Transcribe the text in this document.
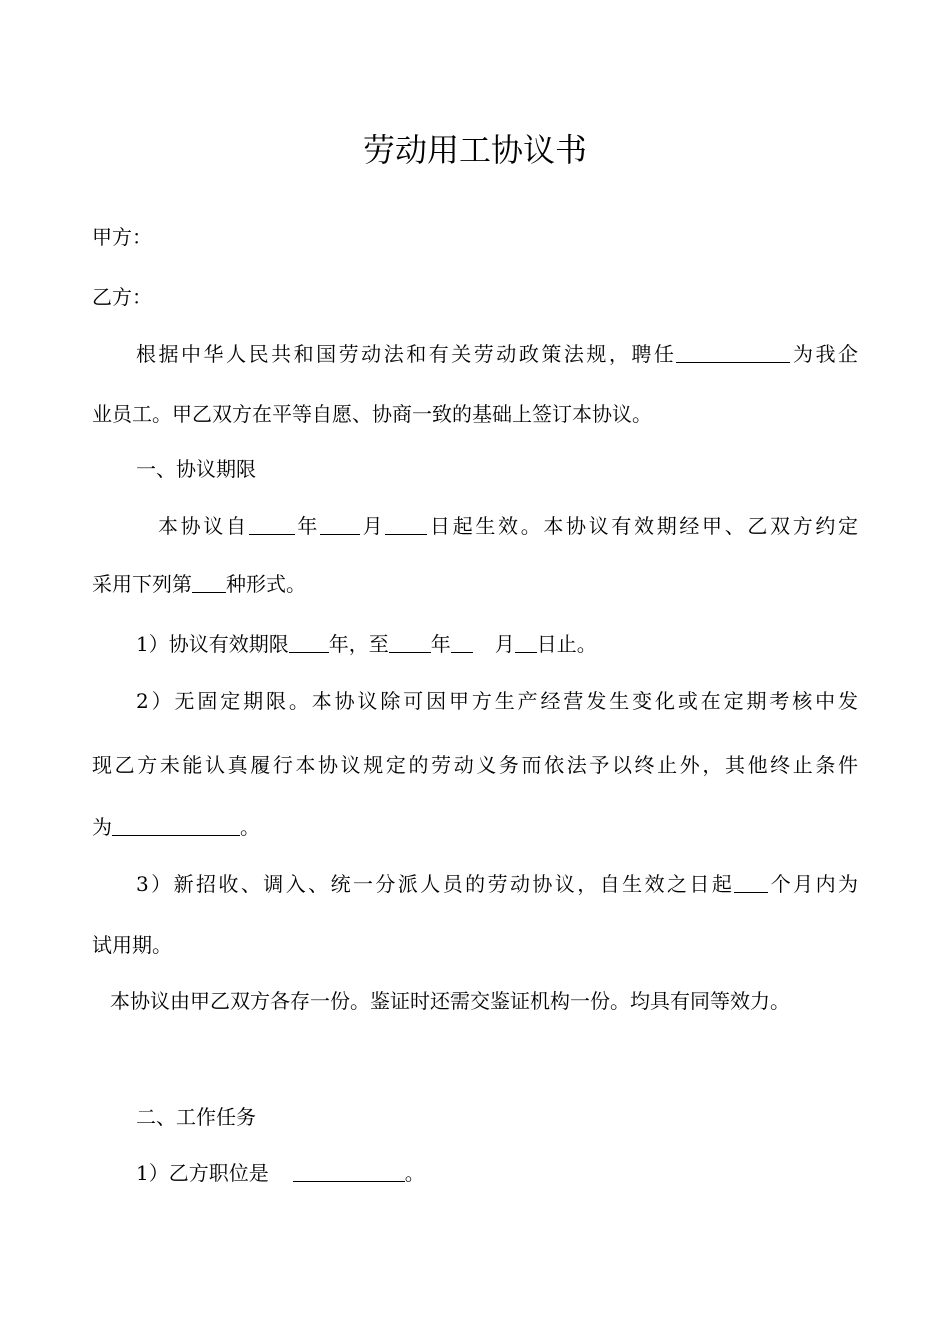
劳动用工协议书
甲方：
乙方：
根据中华人民共和国劳动法和有关劳动政策法规，聘任	为我企
业员工。甲乙双方在平等自愿、协商一致的基础上签订本协议。
一、协议期限
本协议自 年 月 日起生效。本协议有效期经甲、乙双方约定
采用下列第 种形式。
1）协议有效期限 年，至 年 月 日止。
2）无固定期限。本协议除可因甲方生产经营发生变化或在定期考核中发
现乙方未能认真履行本协议规定的劳动义务而依法予以终止外，其他终止条件
为	。
3）新招收、调入、统一分派人员的劳动协议，自生效之日起 个月内为
试用期。
本协议由甲乙双方各存一份。鉴证时还需交鉴证机构一份。均具有同等效力。
二、工作任务
1）乙方职位是	。
